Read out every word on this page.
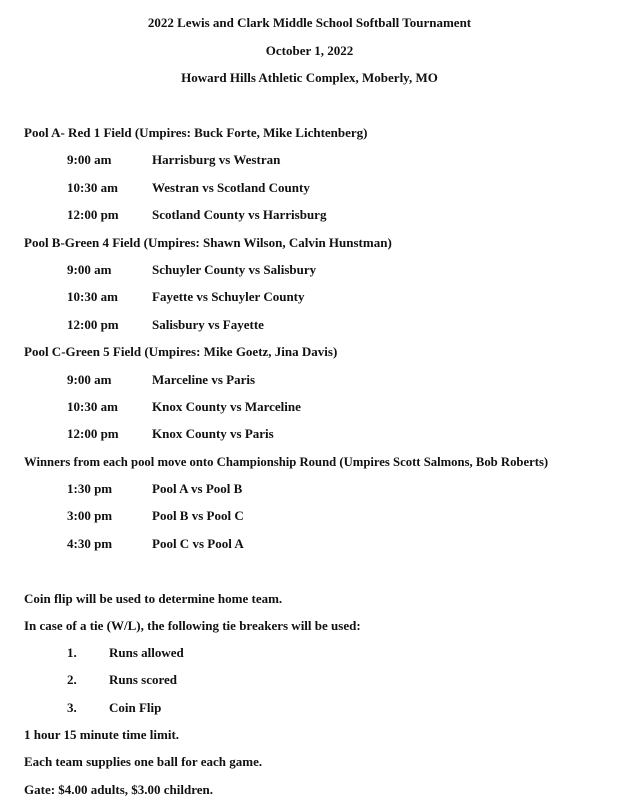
2022 Lewis and Clark Middle School Softball Tournament
October 1, 2022
Howard Hills Athletic Complex, Moberly, MO
Pool A- Red 1 Field (Umpires: Buck Forte, Mike Lichtenberg)
9:00 am	Harrisburg vs Westran
10:30 am	Westran vs Scotland County
12:00 pm	Scotland County vs Harrisburg
Pool B-Green 4 Field (Umpires: Shawn Wilson, Calvin Hunstman)
9:00 am	Schuyler County vs Salisbury
10:30 am	Fayette vs Schuyler County
12:00 pm	Salisbury vs Fayette
Pool C-Green 5 Field (Umpires: Mike Goetz, Jina Davis)
9:00 am	Marceline vs Paris
10:30 am	Knox County vs Marceline
12:00 pm	Knox County vs Paris
Winners from each pool move onto Championship Round (Umpires Scott Salmons, Bob Roberts)
1:30 pm	Pool A vs Pool B
3:00 pm	Pool B vs Pool C
4:30 pm	Pool C vs Pool A
Coin flip will be used to determine home team.
In case of a tie (W/L), the following tie breakers will be used:
1. Runs allowed
2. Runs scored
3. Coin Flip
1 hour 15 minute time limit.
Each team supplies one ball for each game.
Gate: $4.00 adults, $3.00 children.
